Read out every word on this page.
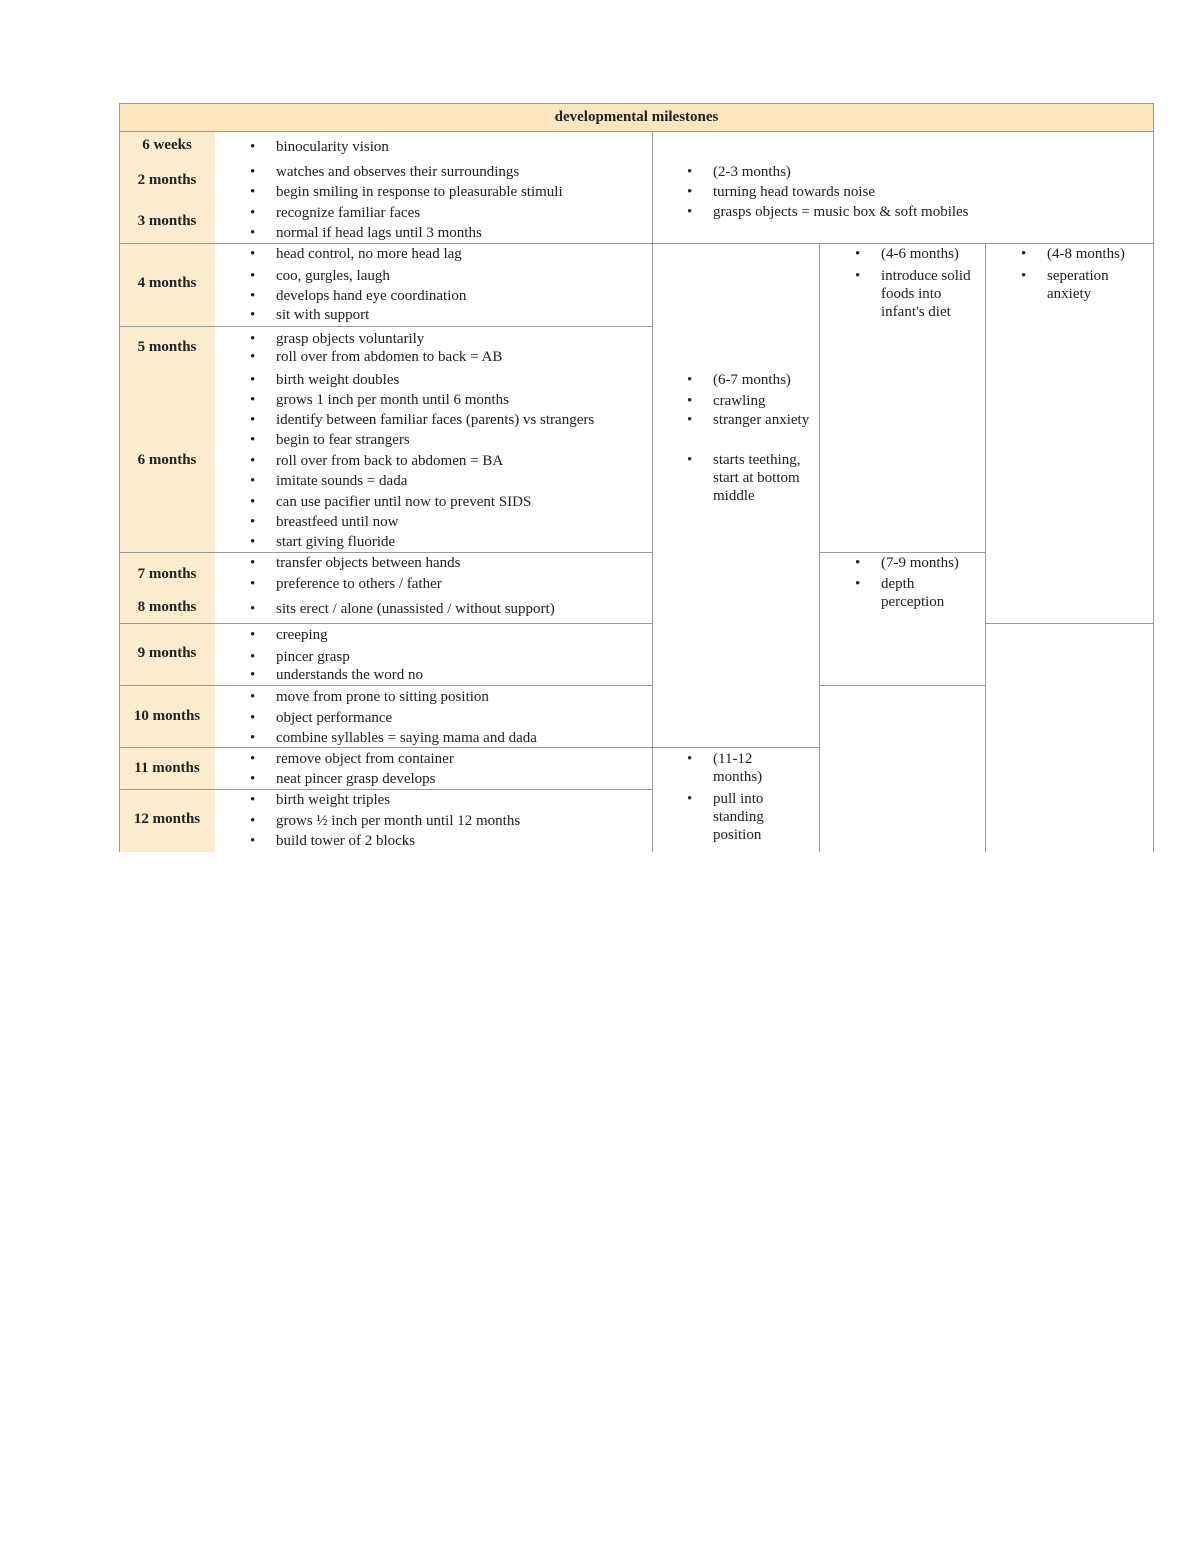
developmental milestones
6 weeks
2 months
3 months
4 months
5 months
6 months
7 months
8 months
9 months
10 months
11 months
12 months
• binocularity vision
• watches and observes their surroundings
• begin smiling in response to pleasurable stimuli
• recognize familiar faces
• normal if head lags until 3 months
• head control, no more head lag
• coo, gurgles, laugh
• develops hand eye coordination
• sit with support
• grasp objects voluntarily
• roll over from abdomen to back = AB
• birth weight doubles
• grows 1 inch per month until 6 months
• identify between familiar faces (parents) vs strangers
• begin to fear strangers
• roll over from back to abdomen = BA
• imitate sounds = dada
• can use pacifier until now to prevent SIDS
• breastfeed until now
• start giving fluoride
• transfer objects between hands
• preference to others / father
• sits erect / alone (unassisted / without support)
• creeping
• pincer grasp
• understands the word no
• move from prone to sitting position
• object performance
• combine syllables = saying mama and dada
• remove object from container
• neat pincer grasp develops
• birth weight triples
• grows ½ inch per month until 12 months
• build tower of 2 blocks
• (2-3 months)
• turning head towards noise
• grasps objects = music box & soft mobiles
• (6-7 months)
• crawling
• stranger anxiety
• starts teething, start at bottom middle
• (4-6 months)
• introduce solid foods into infant's diet
• (4-8 months)
• seperation anxiety
• (7-9 months)
• depth perception
• (11-12 months)
• pull into standing position
